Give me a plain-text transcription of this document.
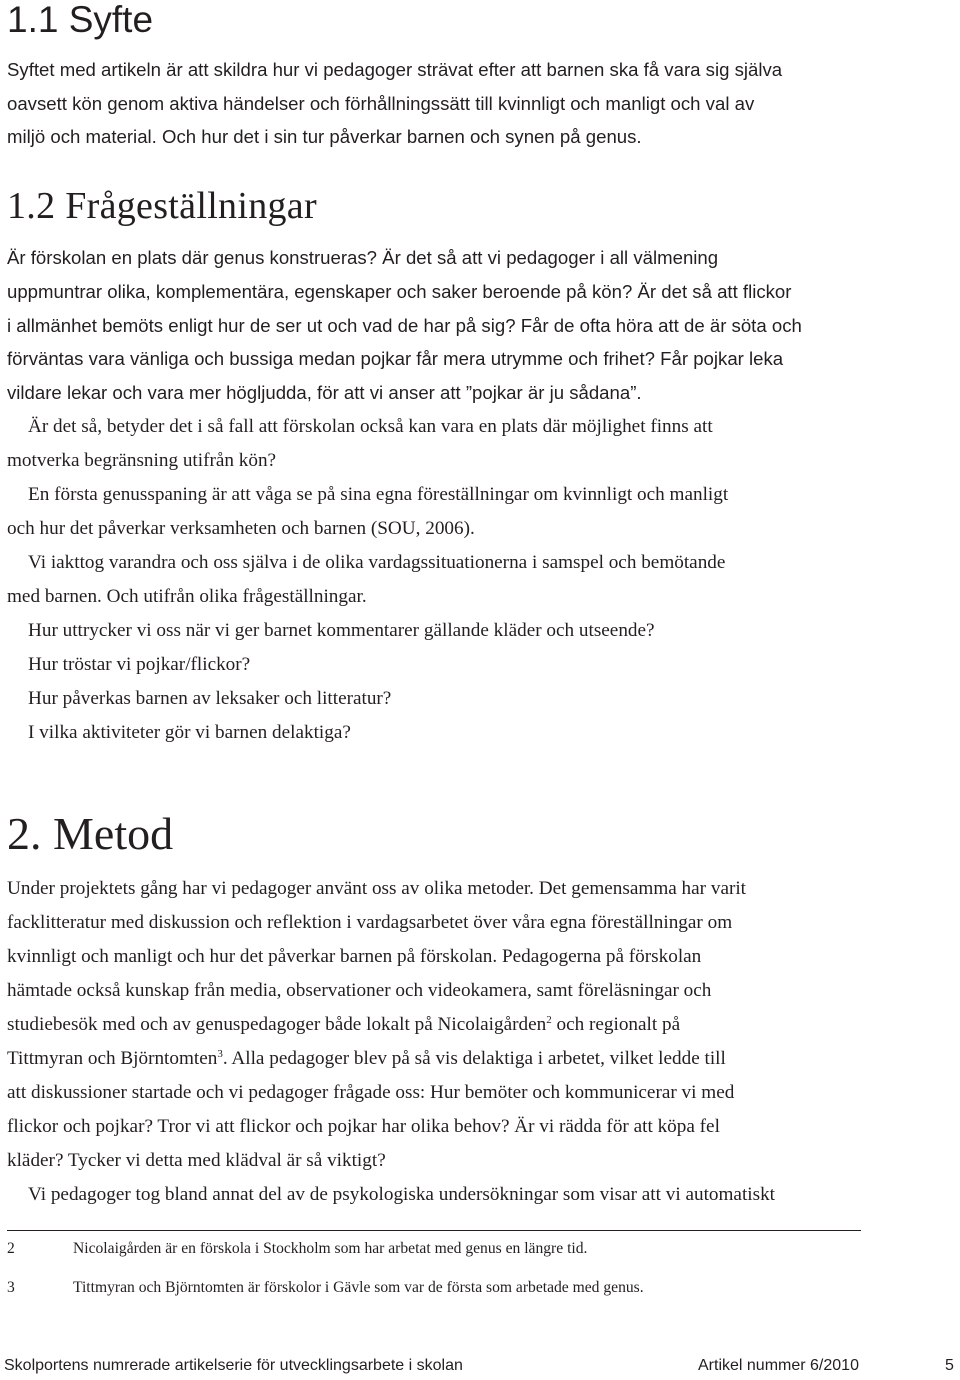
1.1 Syfte

Syftet med artikeln är att skildra hur vi pedagoger strävat efter att barnen ska få vara sig själva
oavsett kön genom aktiva händelser och förhållningssätt till kvinnligt och manligt och val av
miljö och material. Och hur det i sin tur påverkar barnen och synen på genus.

1.2 Frågeställningar

Är förskolan en plats där genus konstrueras? Är det så att vi pedagoger i all välmening
uppmuntrar olika, komplementära, egenskaper och saker beroende på kön? Är det så att flickor
i allmänhet bemöts enligt hur de ser ut och vad de har på sig? Får de ofta höra att de är söta och
förväntas vara vänliga och bussiga medan pojkar får mera utrymme och frihet? Får pojkar leka
vildare lekar och vara mer högljudda, för att vi anser att ”pojkar är ju sådana”.

Är det så, betyder det i så fall att förskolan också kan vara en plats där möjlighet finns att
motverka begränsning utifrån kön?

En första genusspaning är att våga se på sina egna föreställningar om kvinnligt och manligt
och hur det påverkar verksamheten och barnen (SOU, 2006).

Vi iakttog varandra och oss själva i de olika vardagssituationerna i samspel och bemötande
med barnen. Och utifrån olika frågeställningar.

Hur uttrycker vi oss när vi ger barnet kommentarer gällande kläder och utseende?
Hur tröstar vi pojkar/flickor?
Hur påverkas barnen av leksaker och litteratur?
I vilka aktiviteter gör vi barnen delaktiga?

2. Metod

Under projektets gång har vi pedagoger använt oss av olika metoder. Det gemensamma har varit
facklitteratur med diskussion och reflektion i vardagsarbetet över våra egna föreställningar om
kvinnligt och manligt och hur det påverkar barnen på förskolan. Pedagogerna på förskolan
hämtade också kunskap från media, observationer och videokamera, samt föreläsningar och
studiebesök med och av genuspedagoger både lokalt på Nicolaigården$^2$ och regionalt på
Tittmyran och Björntomten$^3$. Alla pedagoger blev på så vis delaktiga i arbetet, vilket ledde till
att diskussioner startade och vi pedagoger frågade oss: Hur bemöter och kommunicerar vi med
flickor och pojkar? Tror vi att flickor och pojkar har olika behov? Är vi rädda för att köpa fel
kläder? Tycker vi detta med klädval är så viktigt?
Vi pedagoger tog bland annat del av de psykologiska undersökningar som visar att vi automatiskt

2	Nicolaigården är en förskola i Stockholm som har arbetat med genus en längre tid.
3	Tittmyran och Björntomten är förskolor i Gävle som var de första som arbetade med genus.
Skolportens numrerade artikelserie för utvecklingsarbete i skolan	Artikel nummer 6/2010	5
